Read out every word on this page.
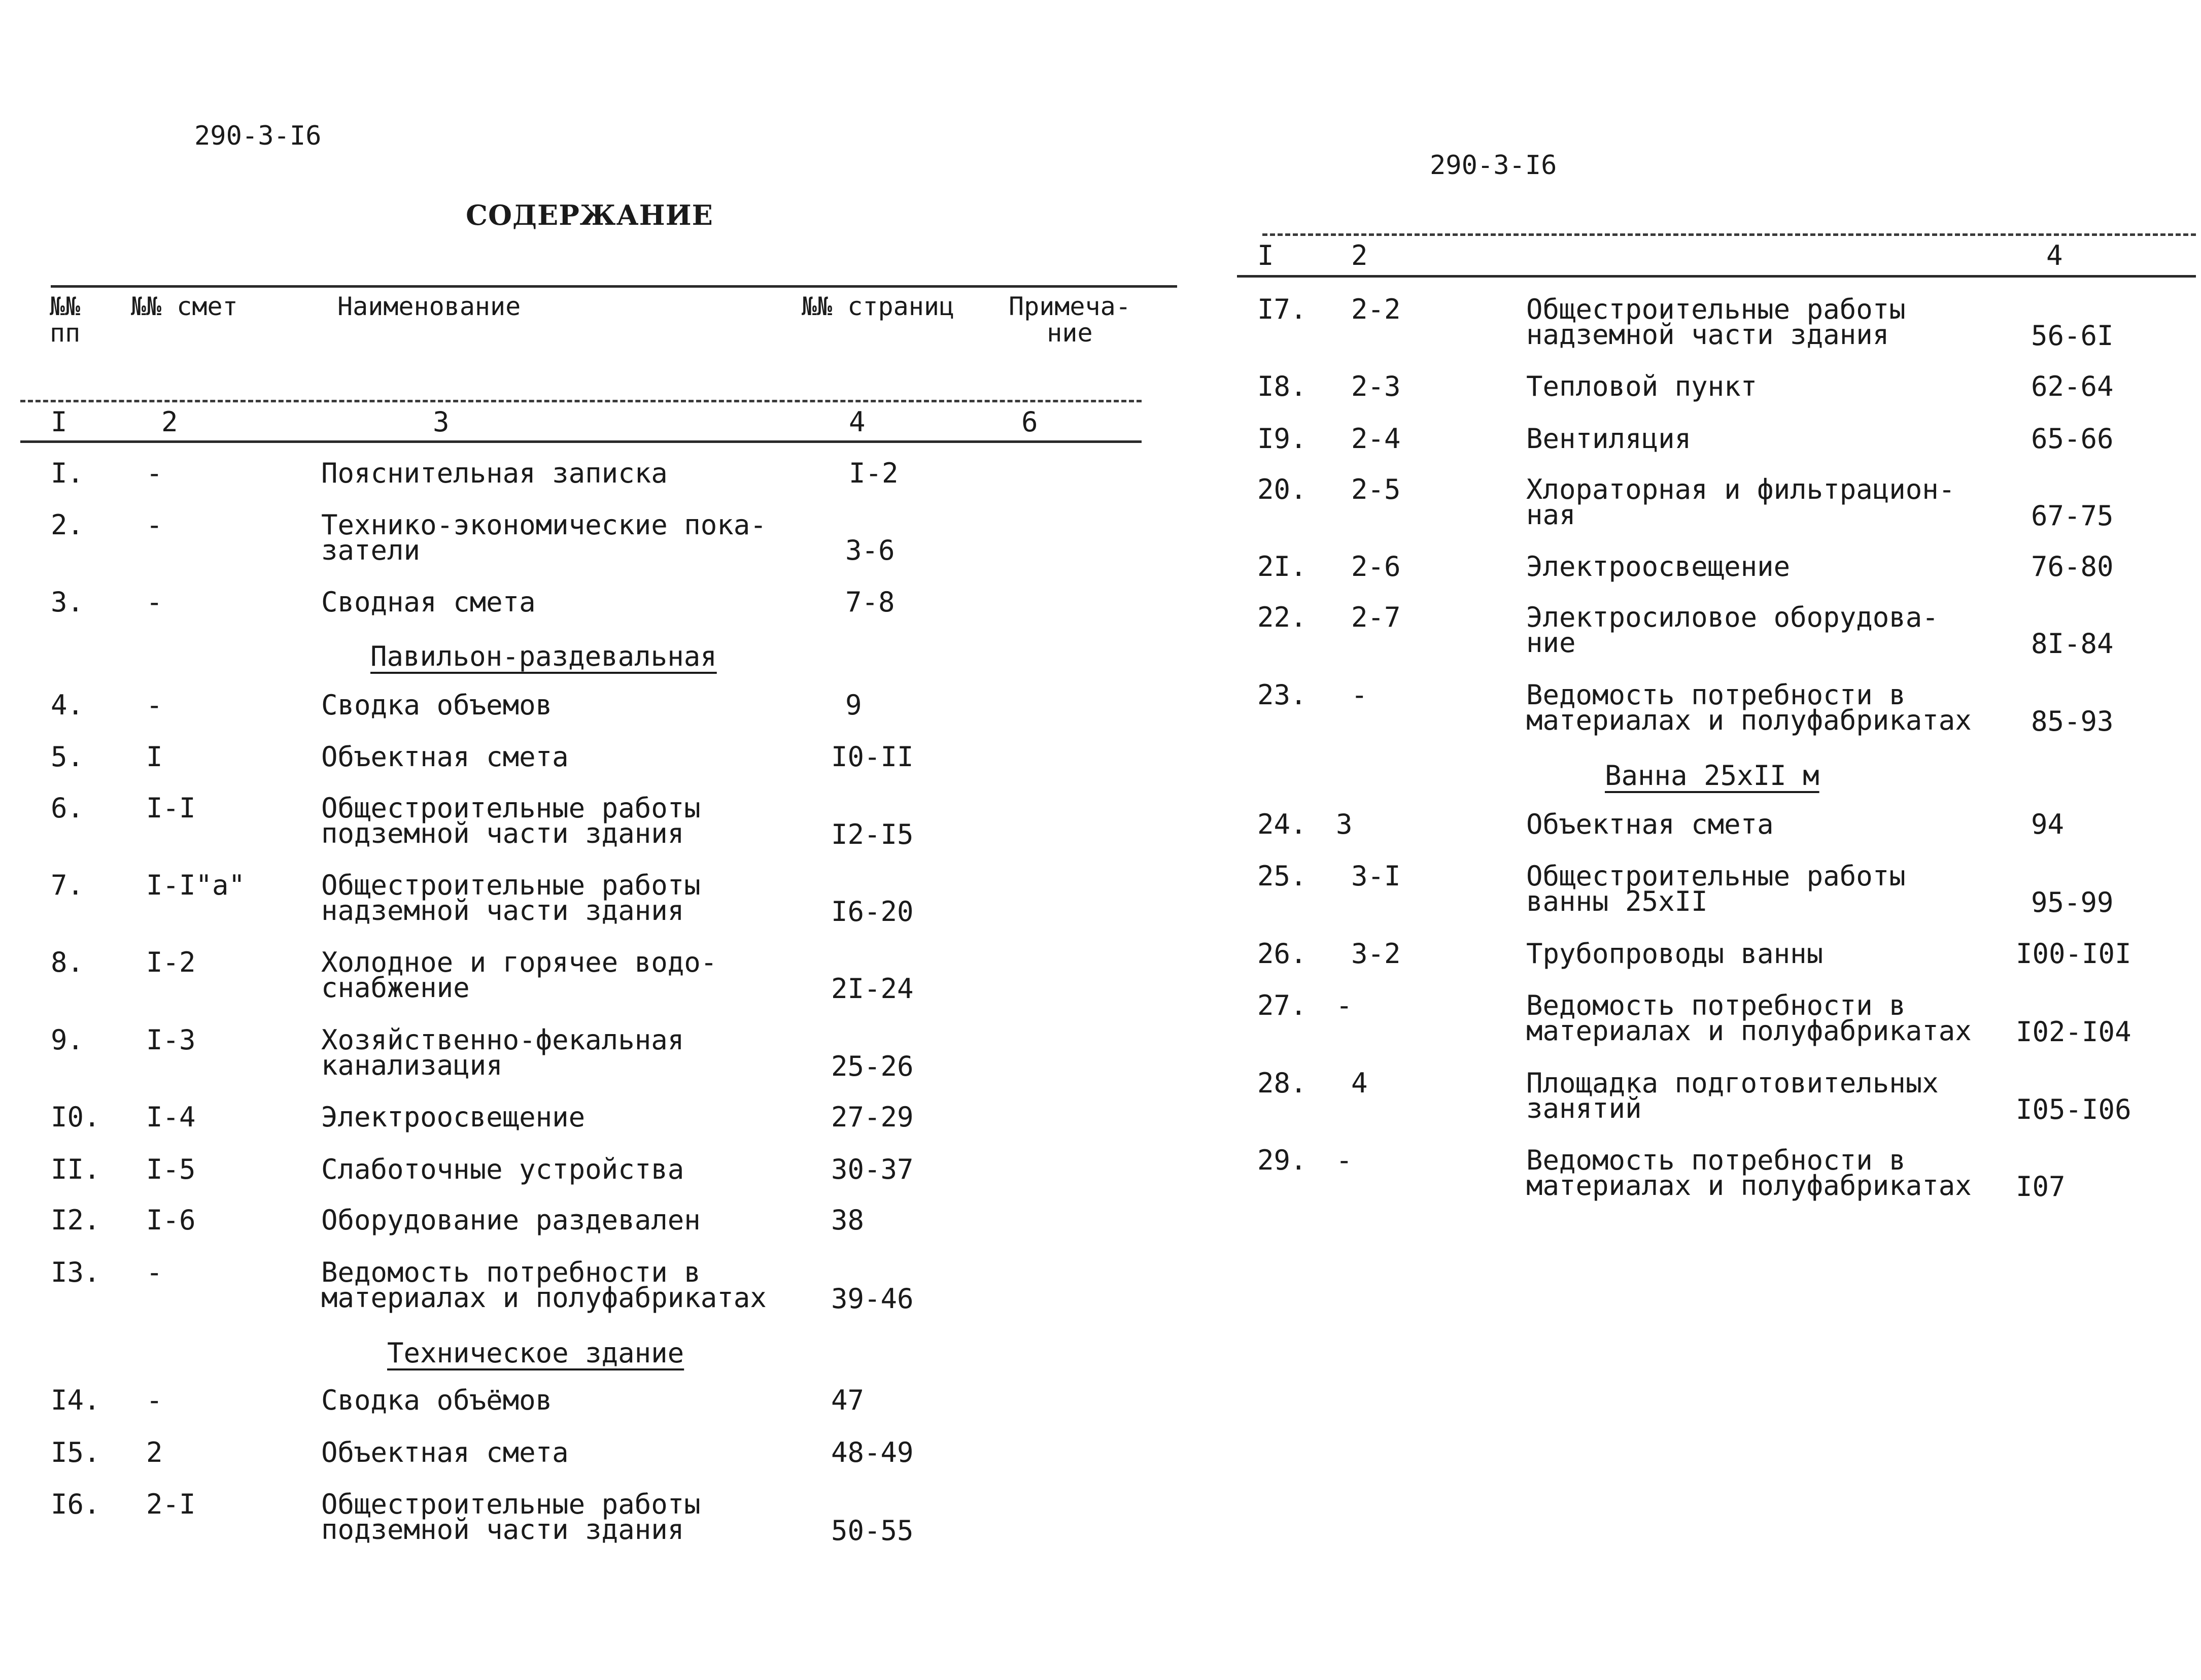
290-3-I6
СОДЕРЖАНИЕ
№№
пп
№№ смет	Наименование	№№ страниц Примеча-
ние
I	2	3	4	6
I. -	Пояснительная записка	I-2
2. -	Технико-экономические пока-
затели	3-6
3. -	Сводная смета	7-8
Павильон-раздевальная
4. -	Сводка объемов	9
5. I	Объектная смета	I0-II
6. I-I	Общестроительные работы
подземной части здания	I2-I5
7. I-I"а"	Общестроительные работы
надземной части здания	I6-20
8. I-2	Холодное и горячее водо-
снабжение	2I-24
9. I-3	Хозяйственно-фекальная
канализация	25-26
I0. I-4	Электроосвещение	27-29
II. I-5	Слаботочные устройства	30-37
I2. I-6	Оборудование раздевален	38
I3. -	Ведомость потребности в
материалах и полуфабрикатах 39-46
Техническое здание
I4. -	Сводка объёмов	47
I5. 2	Объектная смета	48-49
I6. 2-I	Общестроительные работы
подземной части здания	50-55
290-3-I6
I	2	4
I7. 2-2	Общестроительные работы
надземной части здания	56-6I
I8. 2-3	Тепловой пункт	62-64
I9. 2-4	Вентиляция	65-66
20. 2-5	Хлораторная и фильтрацион-
ная	67-75
2I. 2-6	Электроосвещение	76-80
22. 2-7	Электросиловое оборудова-
ние	8I-84
23. -	Ведомость потребности в
материалах и полуфабрикатах 85-93
Ванна 25хII м
24. 3	Объектная смета	94
25. 3-I	Общестроительные работы
ванны 25хII	95-99
26. 3-2	Трубопроводы ванны	I00-I0I
27. -	Ведомость потребности в
материалах и полуфабрикатах I02-I04
28. 4	Площадка подготовительных
занятий	I05-I06
29. -	Ведомость потребности в
материалах и полуфабрикатах I07
